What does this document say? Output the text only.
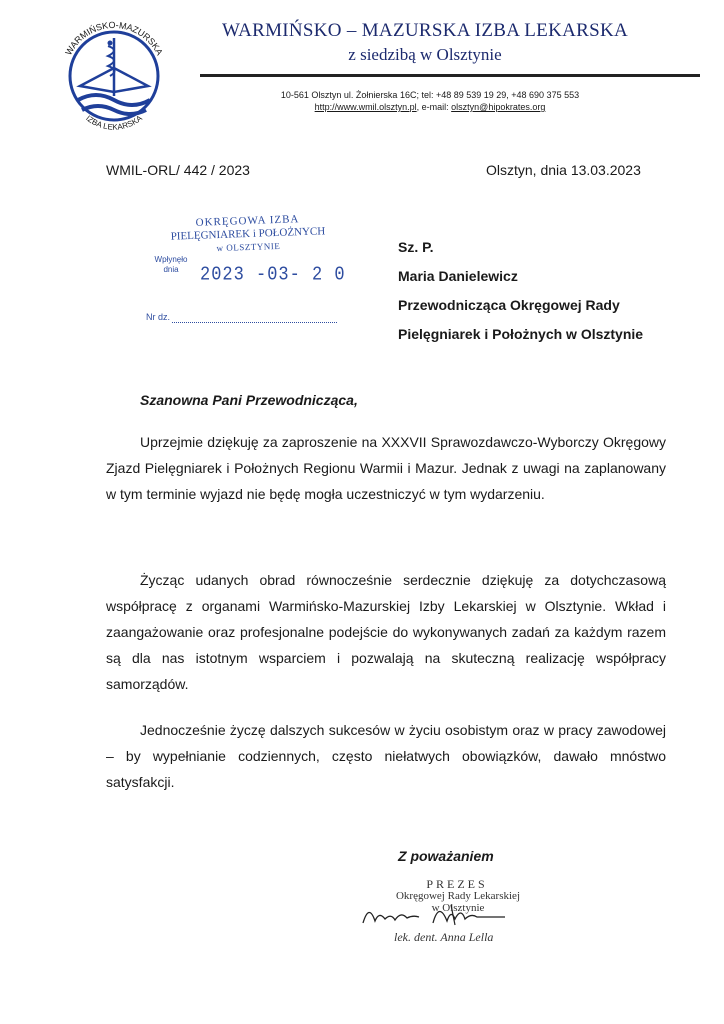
WARMIŃSKO-MAZURSKA
IZBA LEKARSKA
WARMIŃSKO – MAZURSKA IZBA LEKARSKA
z siedzibą w Olsztynie
10-561 Olsztyn ul. Żołnierska 16C; tel: +48 89 539 19 29, +48 690 375 553
http://www.wmil.olsztyn.pl, e-mail: olsztyn@hipokrates.org
WMIL-ORL/ 442 / 2023	Olsztyn, dnia 13.03.2023
OKRĘGOWA IZBA
PIELĘGNIAREK i POŁOŻNYCH
w OLSZTYNIE
Wpłynęło
dnia	2023 -03- 2 0
Nr dz.
Sz. P.
Maria Danielewicz
Przewodnicząca Okręgowej Rady
Pielęgniarek i Położnych w Olsztynie
Szanowna Pani Przewodnicząca,
Uprzejmie dziękuję za zaproszenie na XXXVII Sprawozdawczo-Wyborczy Okręgowy Zjazd Pielęgniarek i Położnych Regionu Warmii i Mazur. Jednak z uwagi na zaplanowany w tym terminie wyjazd nie będę mogła uczestniczyć w tym wydarzeniu.
Życząc udanych obrad równocześnie serdecznie dziękuję za dotychczasową współpracę z organami Warmińsko-Mazurskiej Izby Lekarskiej w Olsztynie. Wkład i zaangażowanie oraz profesjonalne podejście do wykonywanych zadań za każdym razem są dla nas istotnym wsparciem i pozwalają na skuteczną realizację współpracy samorządów.
Jednocześnie życzę dalszych sukcesów w życiu osobistym oraz w pracy zawodowej – by wypełnianie codziennych, często niełatwych obowiązków, dawało mnóstwo satysfakcji.
Z poważaniem
PREZES
Okręgowej Rady Lekarskiej
w Olsztynie
lek. dent. Anna Lella
